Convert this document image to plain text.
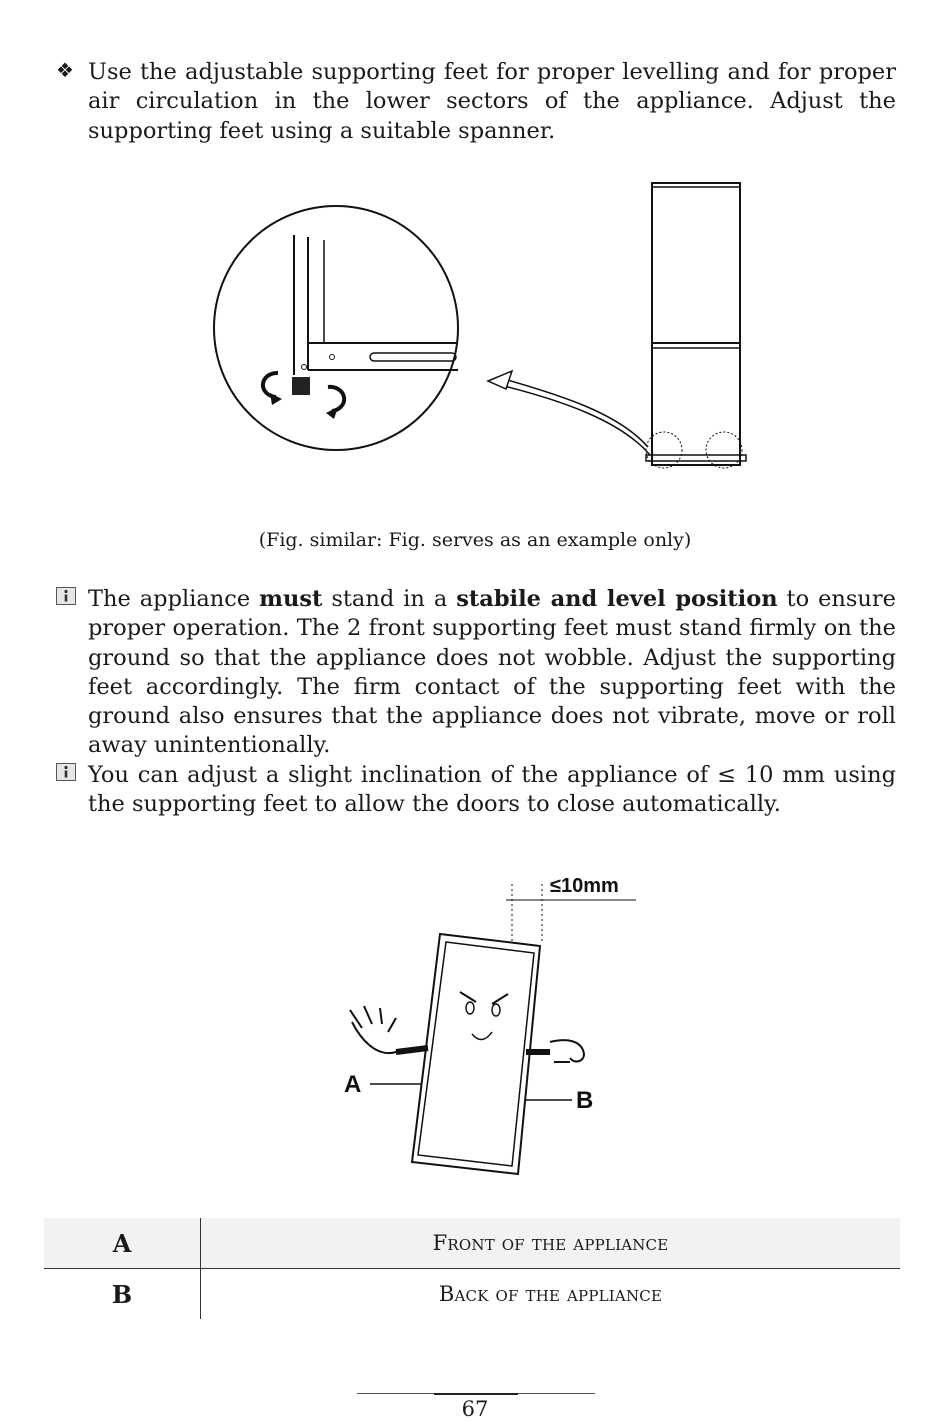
❖ Use the adjustable supporting feet for proper levelling and for proper air circulation in the lower sectors of the appliance. Adjust the supporting feet using a suitable spanner.
(Fig. similar: Fig. serves as an example only)
The appliance must stand in a stabile and level position to ensure proper operation. The 2 front supporting feet must stand firmly on the ground so that the appliance does not wobble. Adjust the supporting feet accordingly. The firm contact of the supporting feet with the ground also ensures that the appliance does not vibrate, move or roll away unintentionally.
You can adjust a slight inclination of the appliance of ≤ 10 mm using the supporting feet to allow the doors to close automatically.
≤10mm
A
B
A	Front of the appliance
B	Back of the appliance
67
